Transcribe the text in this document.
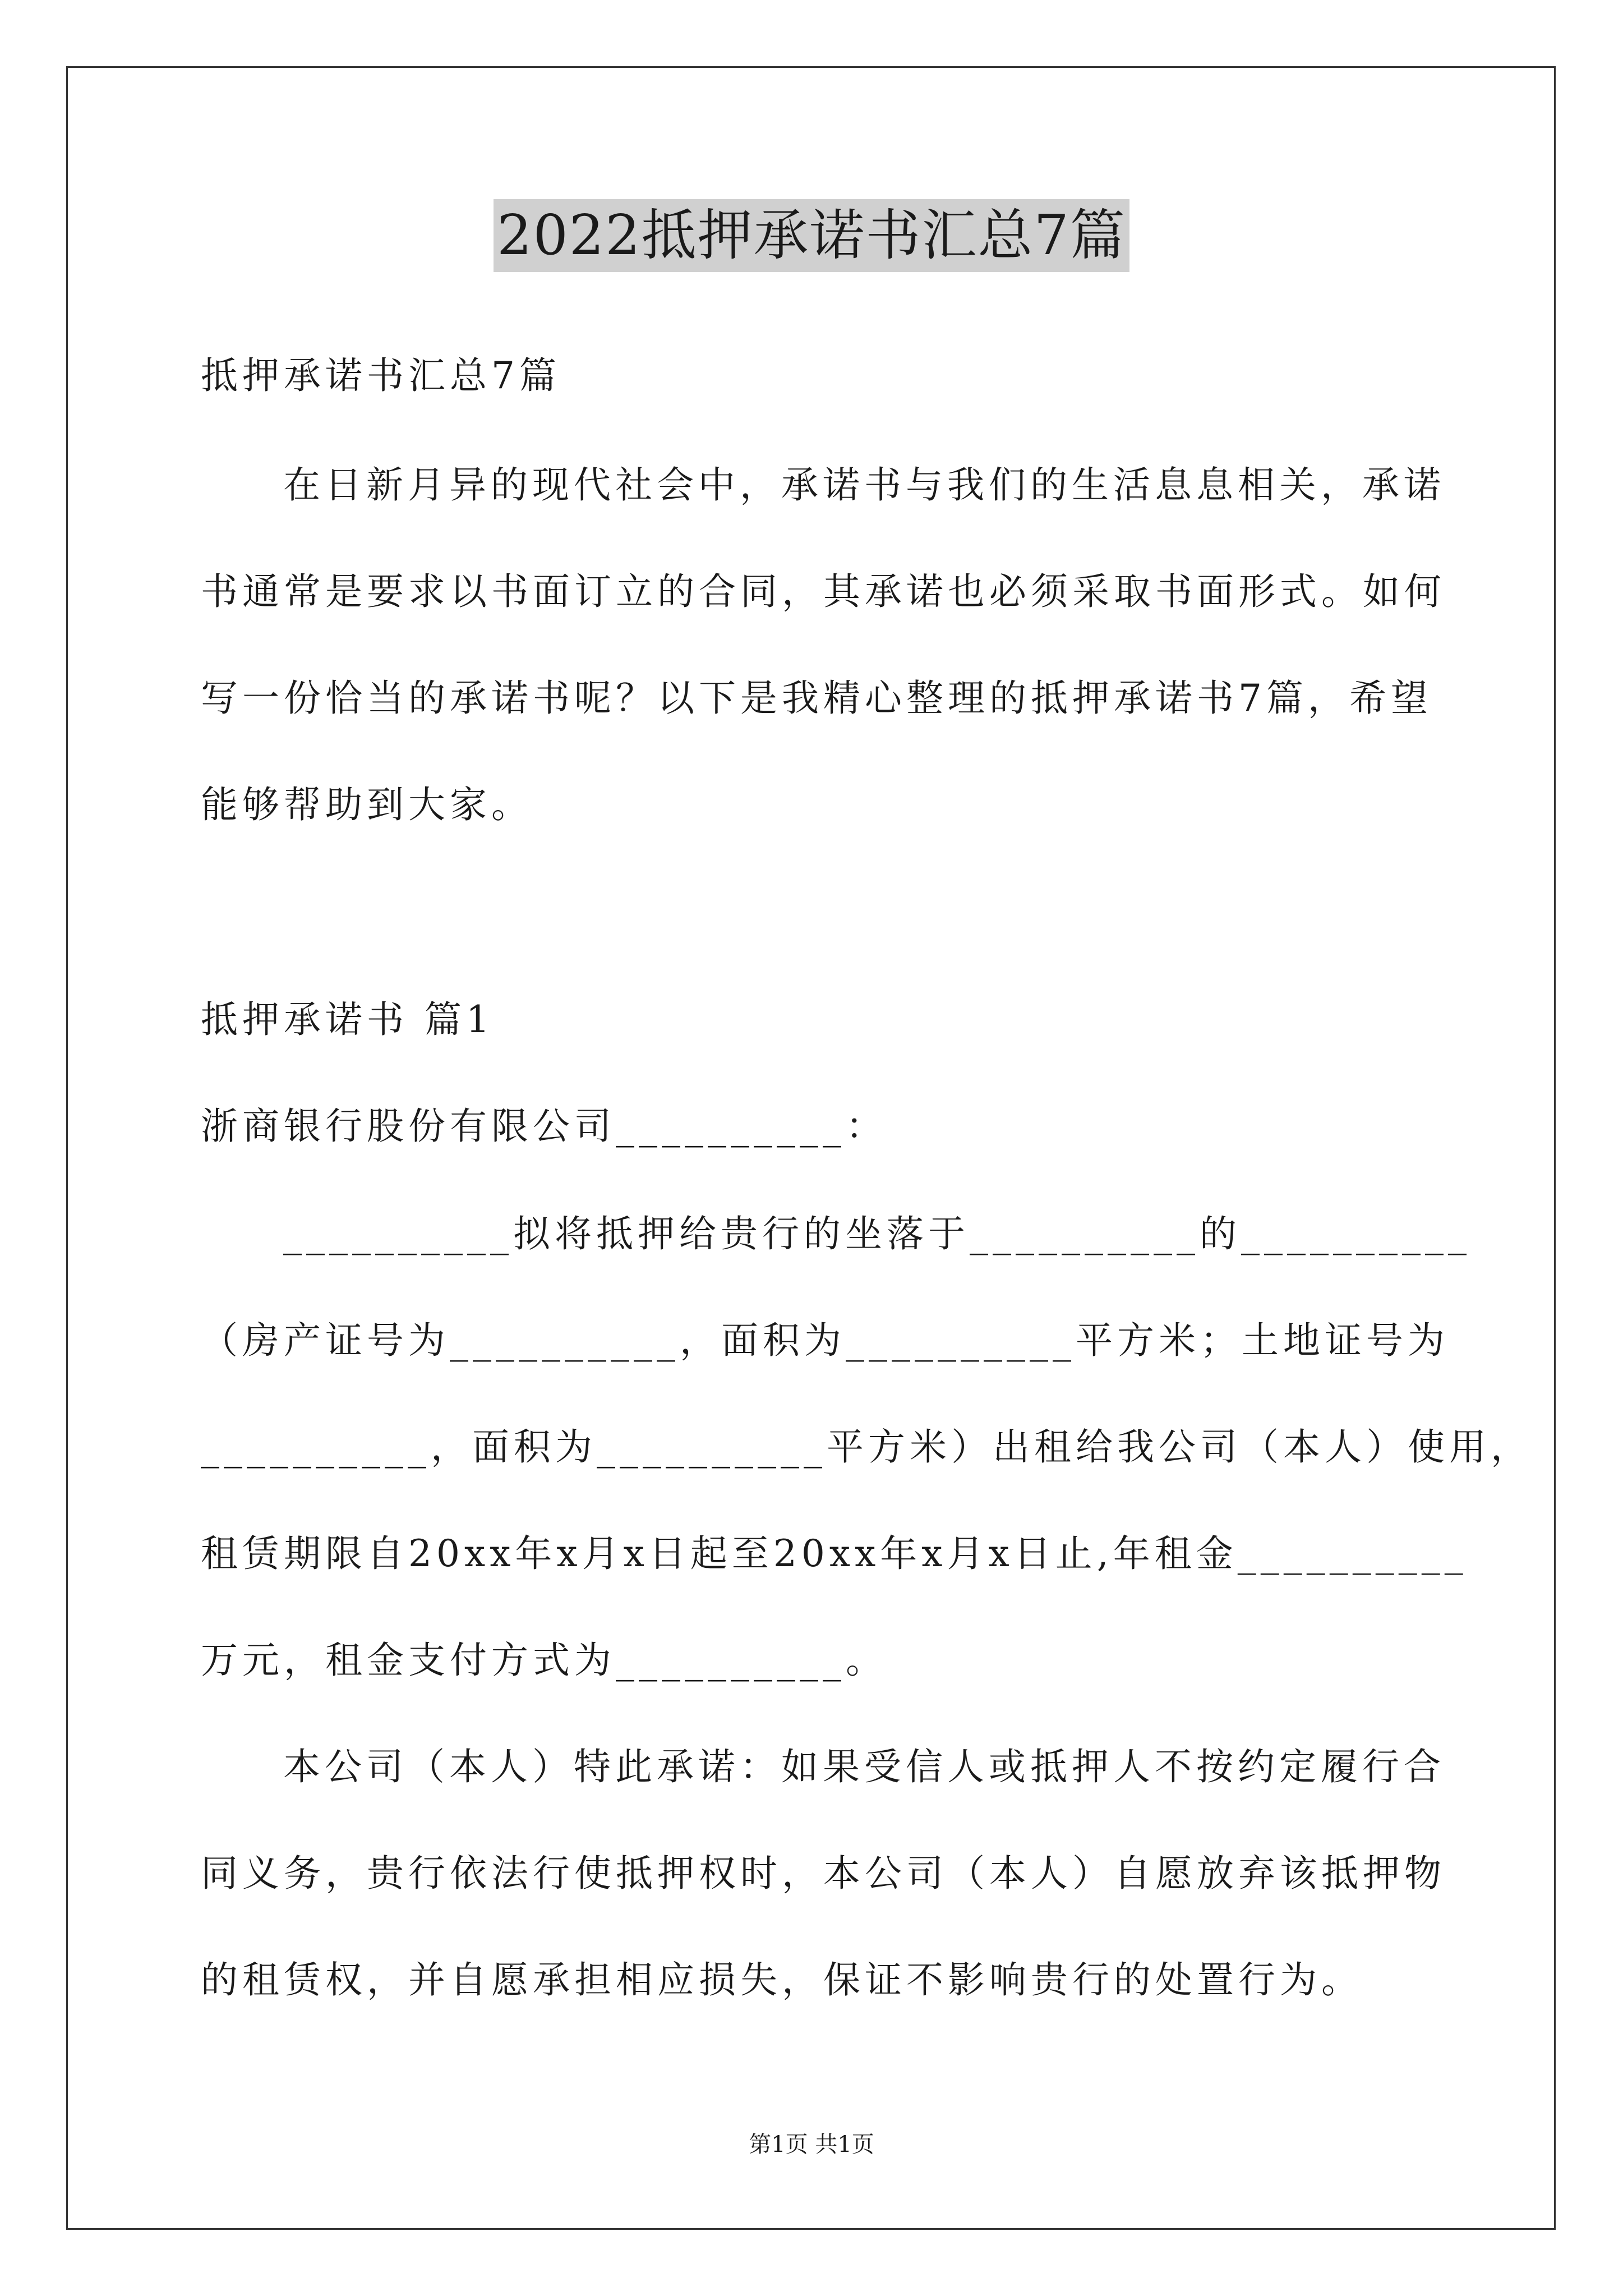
2022抵押承诺书汇总7篇
抵押承诺书汇总7篇
在日新月异的现代社会中，承诺书与我们的生活息息相关，承诺
书通常是要求以书面订立的合同，其承诺也必须采取书面形式。如何
写一份恰当的承诺书呢？以下是我精心整理的抵押承诺书7篇，希望
能够帮助到大家。
抵押承诺书 篇1
浙商银行股份有限公司__________：
__________拟将抵押给贵行的坐落于__________的__________
（房产证号为__________，面积为__________平方米；土地证号为
__________，面积为__________平方米）出租给我公司（本人）使用，
租赁期限自20xx年x月x日起至20xx年x月x日止,年租金__________
万元，租金支付方式为__________。
本公司（本人）特此承诺：如果受信人或抵押人不按约定履行合
同义务，贵行依法行使抵押权时，本公司（本人）自愿放弃该抵押物
的租赁权，并自愿承担相应损失，保证不影响贵行的处置行为。
第1页 共1页
